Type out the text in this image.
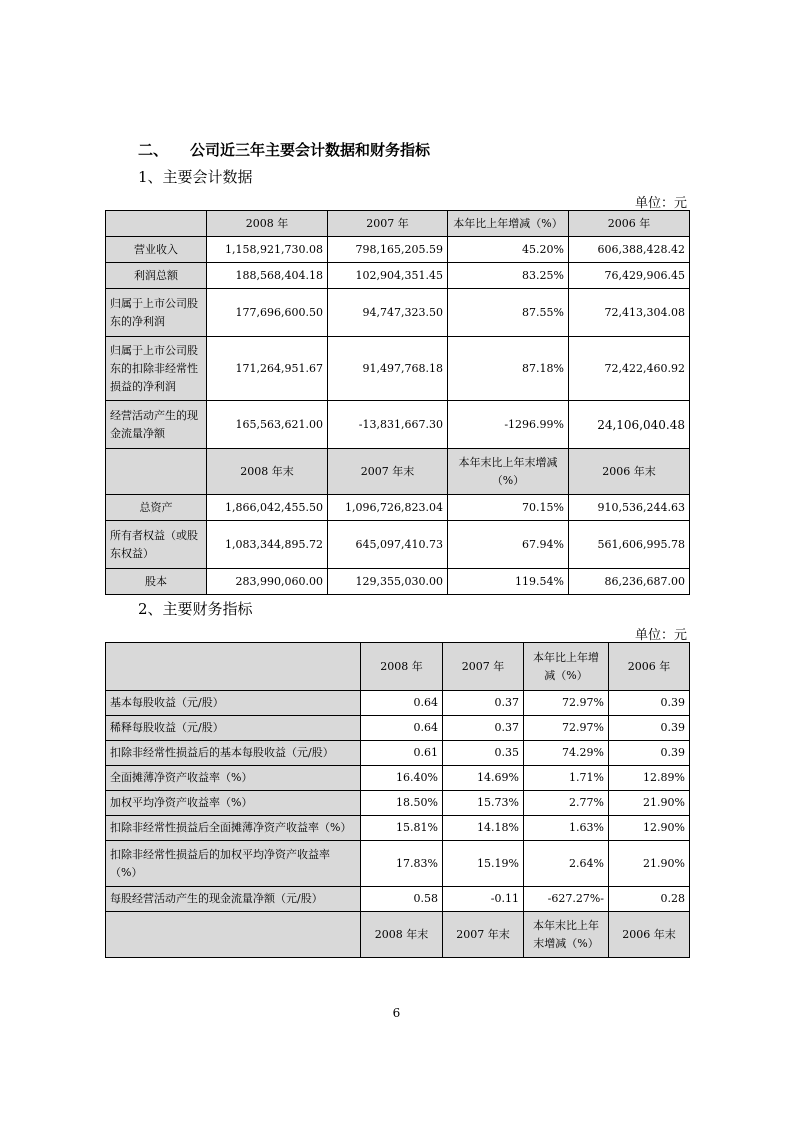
二、 公司近三年主要会计数据和财务指标
1、主要会计数据
单位：元
	2008 年	2007 年	本年比上年增减（%）	2006 年
营业收入	1,158,921,730.08	798,165,205.59	45.20%	606,388,428.42
利润总额	188,568,404.18	102,904,351.45	83.25%	76,429,906.45
归属于上市公司股东的净利润	177,696,600.50	94,747,323.50	87.55%	72,413,304.08
归属于上市公司股东的扣除非经常性损益的净利润	171,264,951.67	91,497,768.18	87.18%	72,422,460.92
经营活动产生的现金流量净额	165,563,621.00	-13,831,667.30	-1296.99%	24,106,040.48
	2008 年末	2007 年末	本年末比上年末增减（%）	2006 年末
总资产	1,866,042,455.50	1,096,726,823.04	70.15%	910,536,244.63
所有者权益（或股东权益）	1,083,344,895.72	645,097,410.73	67.94%	561,606,995.78
股本	283,990,060.00	129,355,030.00	119.54%	86,236,687.00
2、主要财务指标
单位：元
	2008 年	2007 年	本年比上年增减（%）	2006 年
基本每股收益（元/股）	0.64	0.37	72.97%	0.39
稀释每股收益（元/股）	0.64	0.37	72.97%	0.39
扣除非经常性损益后的基本每股收益（元/股）	0.61	0.35	74.29%	0.39
全面摊薄净资产收益率（%）	16.40%	14.69%	1.71%	12.89%
加权平均净资产收益率（%）	18.50%	15.73%	2.77%	21.90%
扣除非经常性损益后全面摊薄净资产收益率（%）	15.81%	14.18%	1.63%	12.90%
扣除非经常性损益后的加权平均净资产收益率（%）	17.83%	15.19%	2.64%	21.90%
每股经营活动产生的现金流量净额（元/股）	0.58	-0.11	-627.27%-	0.28
	2008 年末	2007 年末	本年末比上年末增减（%）	2006 年末
6
